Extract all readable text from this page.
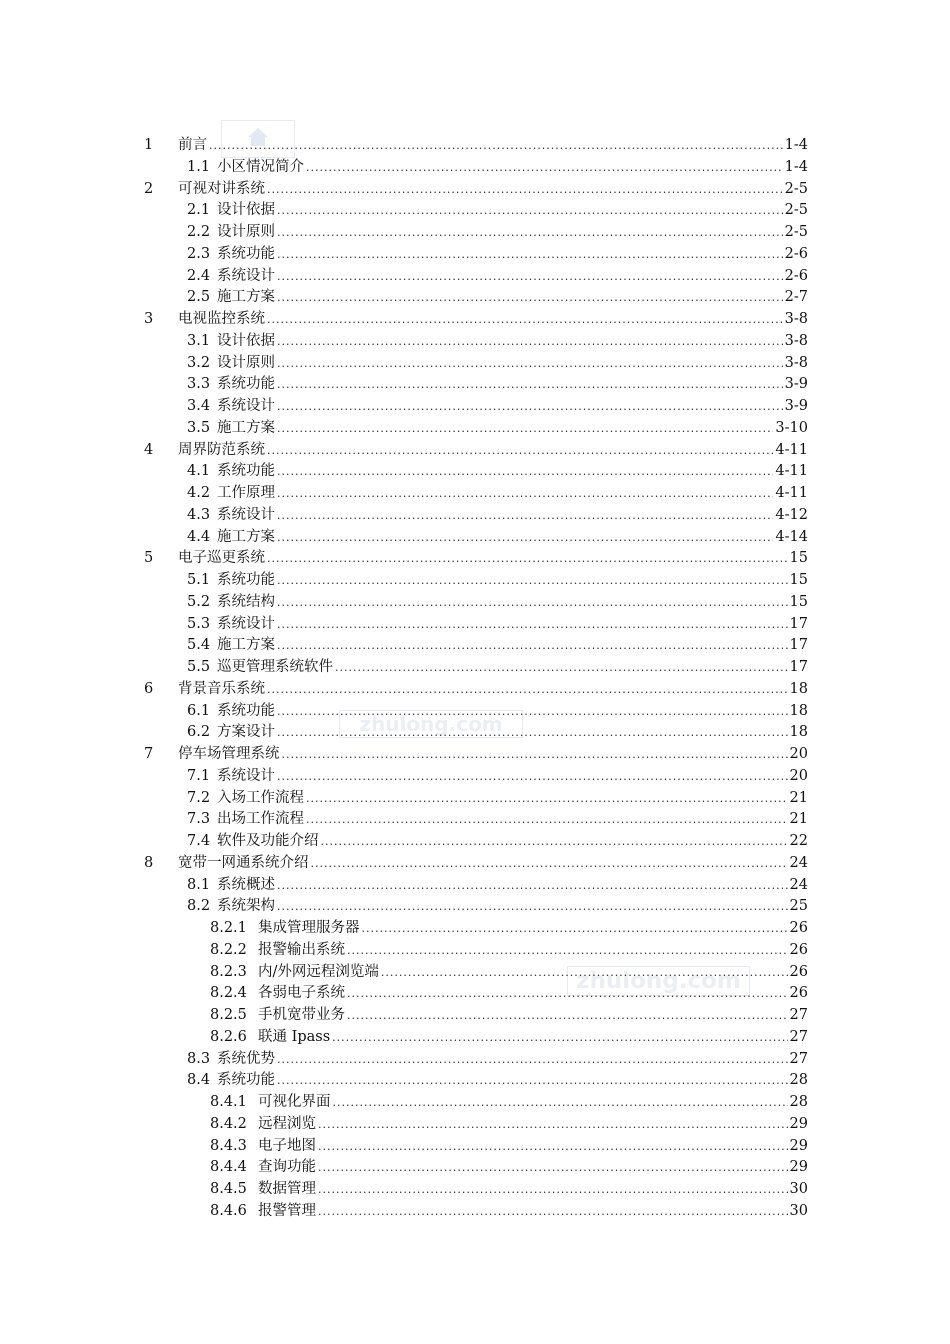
zhulong.com
zhulong.com
1	前言 .....	1-4
1.1 小区情况简介 .....	1-4
2	可视对讲系统 .....	2-5
2.1 设计依据 .....	2-5
2.2 设计原则 .....	2-5
2.3 系统功能 .....	2-6
2.4 系统设计 .....	2-6
2.5 施工方案 .....	2-7
3	电视监控系统 .....	3-8
3.1 设计依据 .....	3-8
3.2 设计原则 .....	3-8
3.3 系统功能 .....	3-9
3.4 系统设计 .....	3-9
3.5 施工方案 .....	3-10
4	周界防范系统 .....	4-11
4.1 系统功能 .....	4-11
4.2 工作原理 .....	4-11
4.3 系统设计 .....	4-12
4.4 施工方案 .....	4-14
5	电子巡更系统 .....	15
5.1 系统功能 .....	15
5.2 系统结构 .....	15
5.3 系统设计 .....	17
5.4 施工方案 .....	17
5.5 巡更管理系统软件 .....	17
6	背景音乐系统 .....	18
6.1 系统功能 .....	18
6.2 方案设计 .....	18
7	停车场管理系统 .....	20
7.1 系统设计 .....	20
7.2 入场工作流程 .....	21
7.3 出场工作流程 .....	21
7.4 软件及功能介绍 .....	22
8	宽带一网通系统介绍 .....	24
8.1 系统概述 .....	24
8.2 系统架构 .....	25
8.2.1 集成管理服务器 .....	26
8.2.2 报警输出系统 .....	26
8.2.3 内/外网远程浏览端 .....	26
8.2.4 各弱电子系统 .....	26
8.2.5 手机宽带业务 .....	27
8.2.6 联通 Ipass .....	27
8.3 系统优势 .....	27
8.4 系统功能 .....	28
8.4.1 可视化界面 .....	28
8.4.2 远程浏览 .....	29
8.4.3 电子地图 .....	29
8.4.4 查询功能 .....	29
8.4.5 数据管理 .....	30
8.4.6 报警管理 .....	30
